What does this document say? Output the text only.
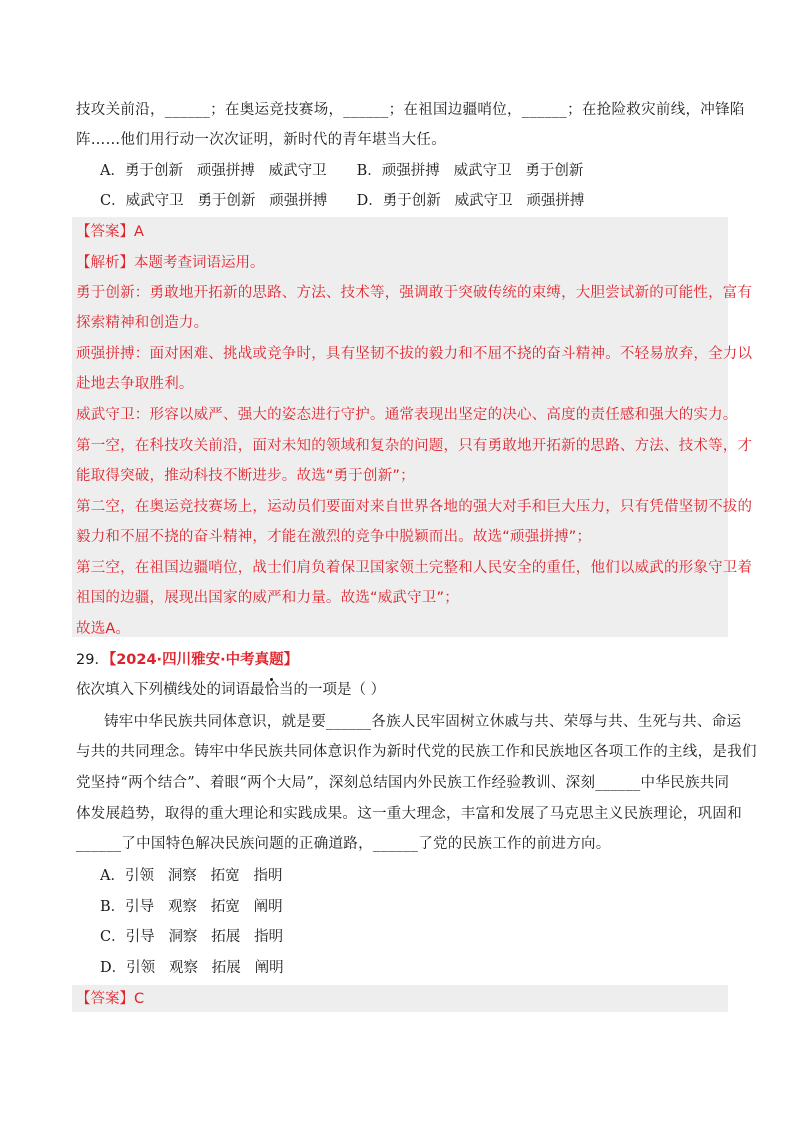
技攻关前沿，______；在奥运竞技赛场，______；在祖国边疆哨位，______；在抢险救灾前线，冲锋陷
阵……他们用行动一次次证明，新时代的青年堪当大任。
A．勇于创新 顽强拼搏 威武守卫 B．顽强拼搏 威武守卫 勇于创新
C．威武守卫 勇于创新 顽强拼搏 D．勇于创新 威武守卫 顽强拼搏
【答案】A
【解析】本题考查词语运用。
勇于创新：勇敢地开拓新的思路、方法、技术等，强调敢于突破传统的束缚，大胆尝试新的可能性，富有
探索精神和创造力。
顽强拼搏：面对困难、挑战或竞争时，具有坚韧不拔的毅力和不屈不挠的奋斗精神。不轻易放弃，全力以
赴地去争取胜利。
威武守卫：形容以威严、强大的姿态进行守护。通常表现出坚定的决心、高度的责任感和强大的实力。
第一空，在科技攻关前沿，面对未知的领域和复杂的问题，只有勇敢地开拓新的思路、方法、技术等，才
能取得突破，推动科技不断进步。故选“勇于创新”；
第二空，在奥运竞技赛场上，运动员们要面对来自世界各地的强大对手和巨大压力，只有凭借坚韧不拔的
毅力和不屈不挠的奋斗精神，才能在激烈的竞争中脱颖而出。故选“顽强拼搏”；
第三空，在祖国边疆哨位，战士们肩负着保卫国家领土完整和人民安全的重任，他们以威武的形象守卫着
祖国的边疆，展现出国家的威严和力量。故选“威武守卫”；
故选A。
29．【2024·四川雅安·中考真题】
依次填入下列横线处的词语最恰当的一项是（ ）
铸牢中华民族共同体意识，就是要______各族人民牢固树立休戚与共、荣辱与共、生死与共、命运
与共的共同理念。铸牢中华民族共同体意识作为新时代党的民族工作和民族地区各项工作的主线，是我们
党坚持“两个结合”、着眼“两个大局”，深刻总结国内外民族工作经验教训、深刻______中华民族共同
体发展趋势，取得的重大理论和实践成果。这一重大理念，丰富和发展了马克思主义民族理论，巩固和
______了中国特色解决民族问题的正确道路，______了党的民族工作的前进方向。
A．引领 洞察 拓宽 指明
B．引导 观察 拓宽 阐明
C．引导 洞察 拓展 指明
D．引领 观察 拓展 阐明
【答案】C
